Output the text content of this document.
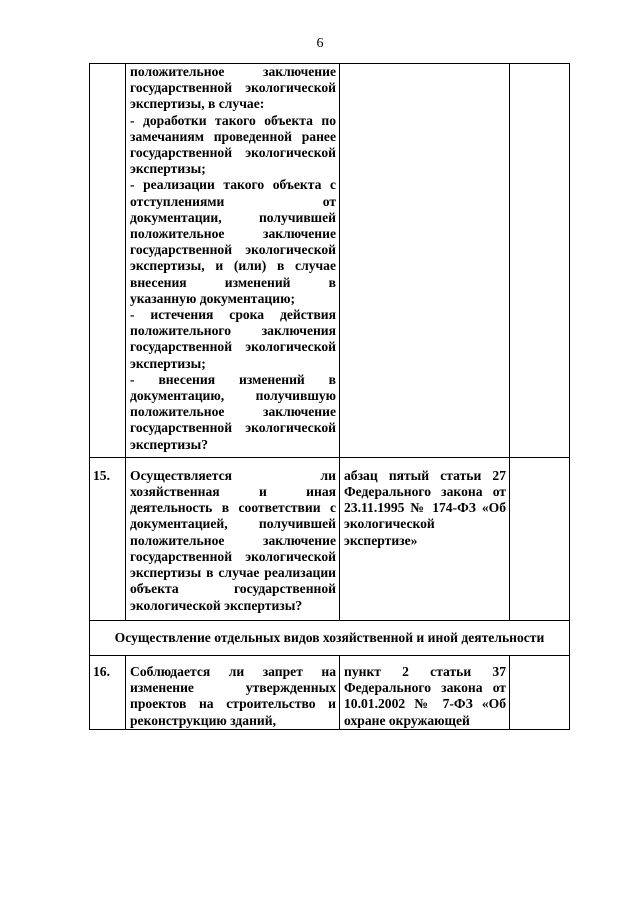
6

	положительное заключение государственной экологической экспертизы, в случае:
- доработки такого объекта по замечаниям проведенной ранее государственной экологической экспертизы;
- реализации такого объекта с отступлениями от документации, получившей положительное заключение государственной экологической экспертизы, и (или) в случае внесения изменений в указанную документацию;
- истечения срока действия положительного заключения государственной экологической экспертизы;
- внесения изменений в документацию, получившую положительное заключение государственной экологической экспертизы?		

15.	Осуществляется ли хозяйственная и иная деятельность в соответствии с документацией, получившей положительное заключение государственной экологической экспертизы в случае реализации объекта государственной экологической экспертизы?	абзац пятый статьи 27 Федерального закона от 23.11.1995 № 174-ФЗ «Об экологической экспертизе»	
Осуществление отдельных видов хозяйственной и иной деятельности			
16.	Соблюдается ли запрет на изменение утвержденных проектов на строительство и реконструкцию зданий,	пункт 2 статьи 37 Федерального закона от 10.01.2002 № 7-ФЗ «Об охране окружающей	
